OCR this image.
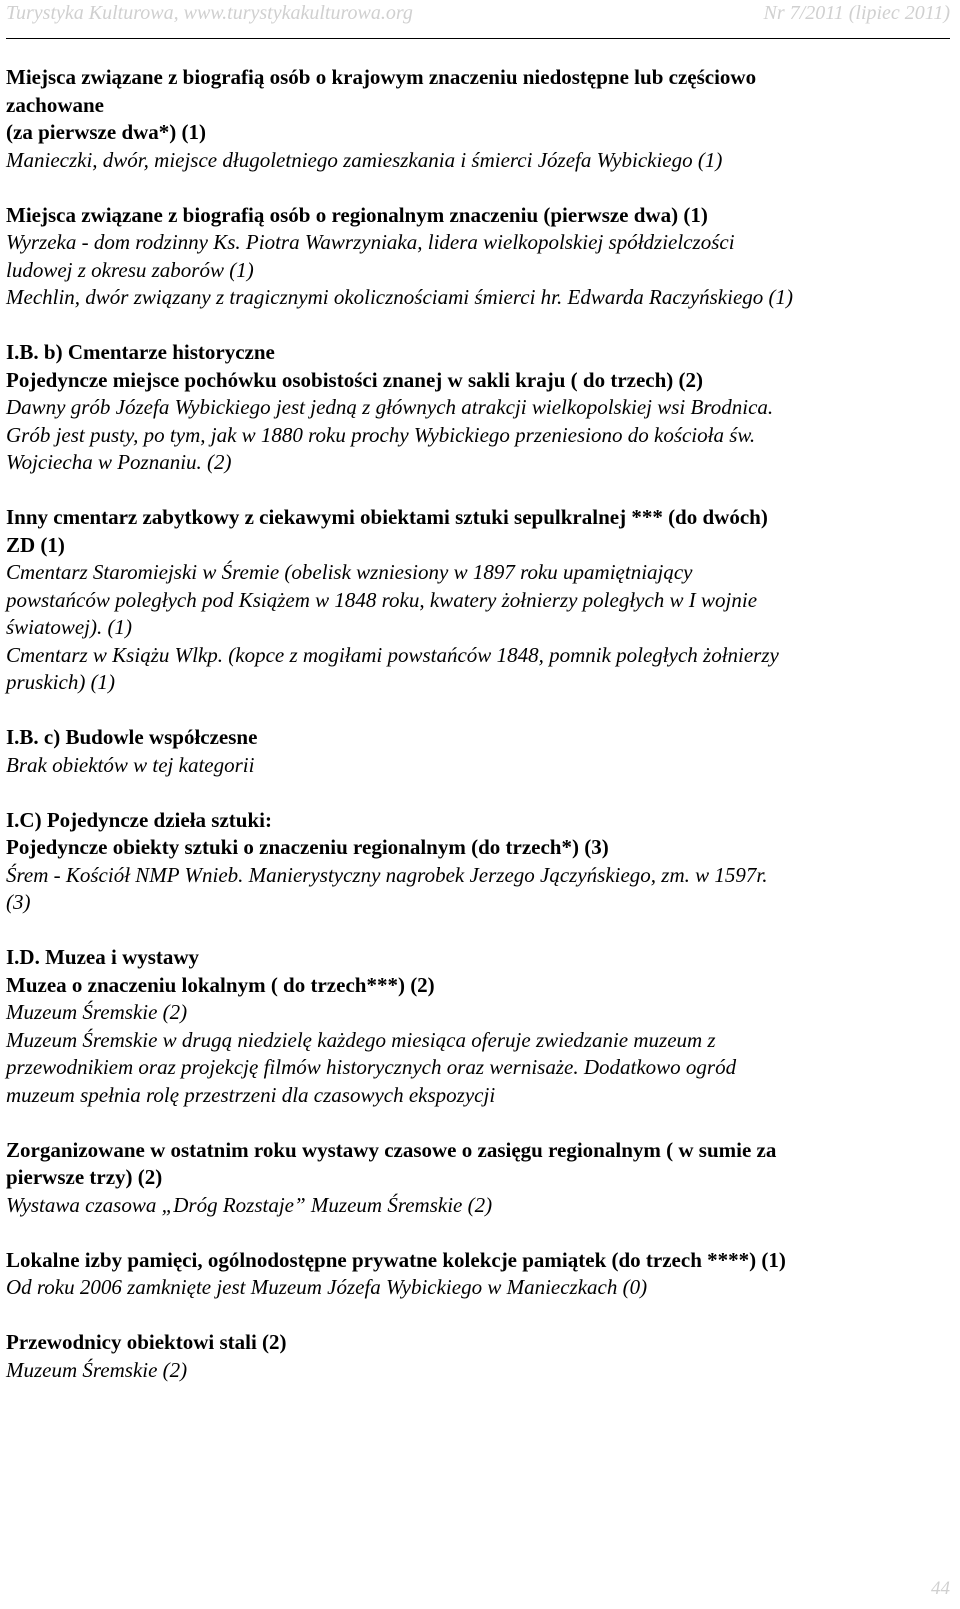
Turystyka Kulturowa, www.turystykakulturowa.org	Nr 7/2011 (lipiec 2011)
Miejsca związane z biografią osób o krajowym znaczeniu niedostępne lub częściowo
zachowane
(za pierwsze dwa*) (1)
Manieczki, dwór, miejsce długoletniego zamieszkania i śmierci Józefa Wybickiego (1)
Miejsca związane z biografią osób o regionalnym znaczeniu (pierwsze dwa) (1)
Wyrzeka - dom rodzinny Ks. Piotra Wawrzyniaka, lidera wielkopolskiej spółdzielczości
ludowej z okresu zaborów (1)
Mechlin, dwór związany z tragicznymi okolicznościami śmierci hr. Edwarda Raczyńskiego (1)
I.B. b) Cmentarze historyczne
Pojedyncze miejsce pochówku osobistości znanej w sakli kraju ( do trzech) (2)
Dawny grób Józefa Wybickiego jest jedną z głównych atrakcji wielkopolskiej wsi Brodnica.
Grób jest pusty, po tym, jak w 1880 roku prochy Wybickiego przeniesiono do kościoła św.
Wojciecha w Poznaniu. (2)
Inny cmentarz zabytkowy z ciekawymi obiektami sztuki sepulkralnej *** (do dwóch)
ZD (1)
Cmentarz Staromiejski w Śremie (obelisk wzniesiony w 1897 roku upamiętniający
powstańców poległych pod Książem w 1848 roku, kwatery żołnierzy poległych w I wojnie
światowej). (1)
Cmentarz w Książu Wlkp. (kopce z mogiłami powstańców 1848, pomnik poległych żołnierzy
pruskich) (1)
I.B. c) Budowle współczesne
Brak obiektów w tej kategorii
I.C) Pojedyncze dzieła sztuki:
Pojedyncze obiekty sztuki o znaczeniu regionalnym (do trzech*) (3)
Śrem - Kościół NMP Wnieb. Manierystyczny nagrobek Jerzego Jączyńskiego, zm. w 1597r.
(3)
I.D. Muzea i wystawy
Muzea o znaczeniu lokalnym ( do trzech***) (2)
Muzeum Śremskie (2)
Muzeum Śremskie w drugą niedzielę każdego miesiąca oferuje zwiedzanie muzeum z
przewodnikiem oraz projekcję filmów historycznych oraz wernisaże. Dodatkowo ogród
muzeum spełnia rolę przestrzeni dla czasowych ekspozycji
Zorganizowane w ostatnim roku wystawy czasowe o zasięgu regionalnym ( w sumie za
pierwsze trzy) (2)
Wystawa czasowa „Dróg Rozstaje” Muzeum Śremskie (2)
Lokalne izby pamięci, ogólnodostępne prywatne kolekcje pamiątek (do trzech ****) (1)
Od roku 2006 zamknięte jest Muzeum Józefa Wybickiego w Manieczkach (0)
Przewodnicy obiektowi stali (2)
Muzeum Śremskie (2)
44
